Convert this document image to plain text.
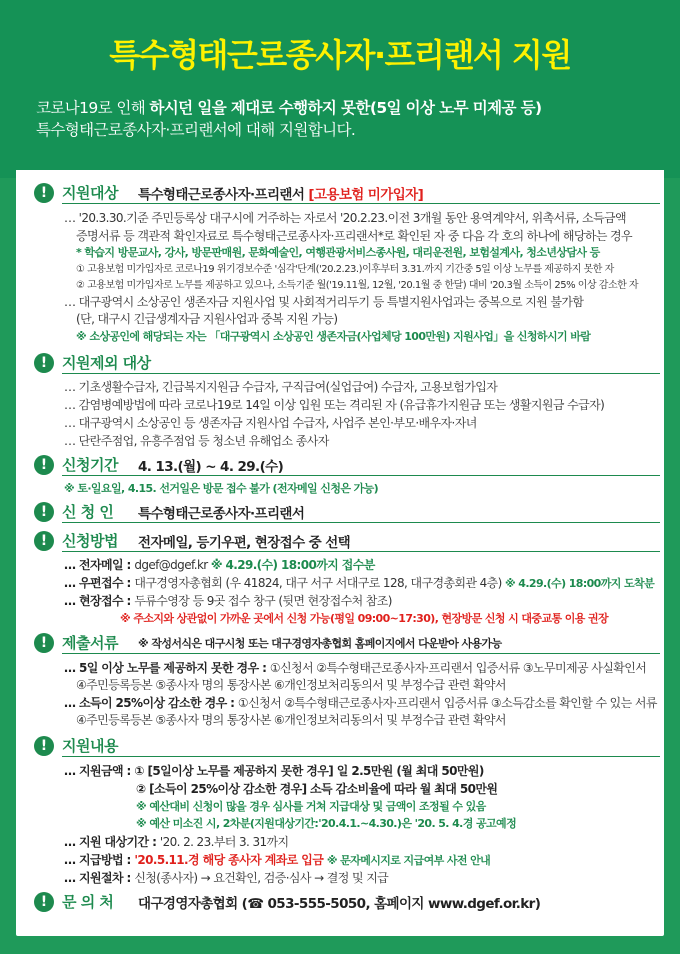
특수형태근로종사자·프리랜서 지원
코로나19로 인해 하시던 일을 제대로 수행하지 못한(5일 이상 노무 미제공 등)
특수형태근로종사자·프리랜서에 대해 지원합니다.
! 지원대상 특수형태근로종사자·프리랜서 [고용보험 미가입자]
… '20.3.30.기준 주민등록상 대구시에 거주하는 자로서 '20.2.23.이전 3개월 동안 용역계약서, 위촉서류, 소득금액
증명서류 등 객관적 확인자료로 특수형태근로종사자·프리랜서*로 확인된 자 중 다음 각 호의 하나에 해당하는 경우
* 학습지 방문교사, 강사, 방문판매원, 문화예술인, 여행관광서비스종사원, 대리운전원, 보험설계사, 청소년상담사 등
① 고용보험 미가입자로 코로나19 위기경보수준 '심각'단계('20.2.23.)이후부터 3.31.까지 기간중 5일 이상 노무를 제공하지 못한 자
② 고용보험 미가입자로 노무를 제공하고 있으나, 소득기준 월('19.11월, 12월, '20.1월 중 한달) 대비 '20.3월 소득이 25% 이상 감소한 자
… 대구광역시 소상공인 생존자금 지원사업 및 사회적거리두기 등 특별지원사업과는 중복으로 지원 불가함
(단, 대구시 긴급생계자금 지원사업과 중복 지원 가능)
※ 소상공인에 해당되는 자는 「대구광역시 소상공인 생존자금(사업체당 100만원) 지원사업」을 신청하시기 바람
! 지원제외 대상
… 기초생활수급자, 긴급복지지원금 수급자, 구직급여(실업급여) 수급자, 고용보험가입자
… 감염병예방법에 따라 코로나19로 14일 이상 입원 또는 격리된 자 (유급휴가지원금 또는 생활지원금 수급자)
… 대구광역시 소상공인 등 생존자금 지원사업 수급자, 사업주 본인·부모·배우자·자녀
… 단란주점업, 유흥주점업 등 청소년 유해업소 종사자
! 신청기간 4. 13.(월) ~ 4. 29.(수)
※ 토·일요일, 4.15. 선거일은 방문 접수 불가 (전자메일 신청은 가능)
! 신 청 인 특수형태근로종사자·프리랜서
! 신청방법 전자메일, 등기우편, 현장접수 중 선택
… 전자메일 : dgef@dgef.kr ※ 4.29.(수) 18:00까지 접수분
… 우편접수 : 대구경영자총협회 (우 41824, 대구 서구 서대구로 128, 대구경총회관 4층) ※ 4.29.(수) 18:00까지 도착분
… 현장접수 : 두류수영장 등 9곳 접수 창구 (뒷면 현장접수처 참조)
※ 주소지와 상관없이 가까운 곳에서 신청 가능(평일 09:00~17:30), 현장방문 신청 시 대중교통 이용 권장
! 제출서류 ※ 작성서식은 대구시청 또는 대구경영자총협회 홈페이지에서 다운받아 사용가능
… 5일 이상 노무를 제공하지 못한 경우 : ①신청서 ②특수형태근로종사자·프리랜서 입증서류 ③노무미제공 사실확인서
④주민등록등본 ⑤종사자 명의 통장사본 ⑥개인정보처리동의서 및 부정수급 관련 확약서
… 소득이 25%이상 감소한 경우 : ①신청서 ②특수형태근로종사자·프리랜서 입증서류 ③소득감소를 확인할 수 있는 서류
④주민등록등본 ⑤종사자 명의 통장사본 ⑥개인정보처리동의서 및 부정수급 관련 확약서
! 지원내용
… 지원금액 : ① [5일이상 노무를 제공하지 못한 경우] 일 2.5만원 (월 최대 50만원)
② [소득이 25%이상 감소한 경우] 소득 감소비율에 따라 월 최대 50만원
※ 예산대비 신청이 많을 경우 심사를 거쳐 지급대상 및 금액이 조정될 수 있음
※ 예산 미소진 시, 2차분(지원대상기간:'20.4.1.~4.30.)은 '20. 5. 4.경 공고예정
… 지원 대상기간 : '20. 2. 23.부터 3. 31까지
… 지급방법 : '20.5.11.경 해당 종사자 계좌로 입금 ※ 문자메시지로 지급여부 사전 안내
… 지원절차 : 신청(종사자) → 요건확인, 검증·심사 → 결정 및 지급
! 문 의 처 대구경영자총협회 (☎ 053-555-5050, 홈페이지 www.dgef.or.kr)
